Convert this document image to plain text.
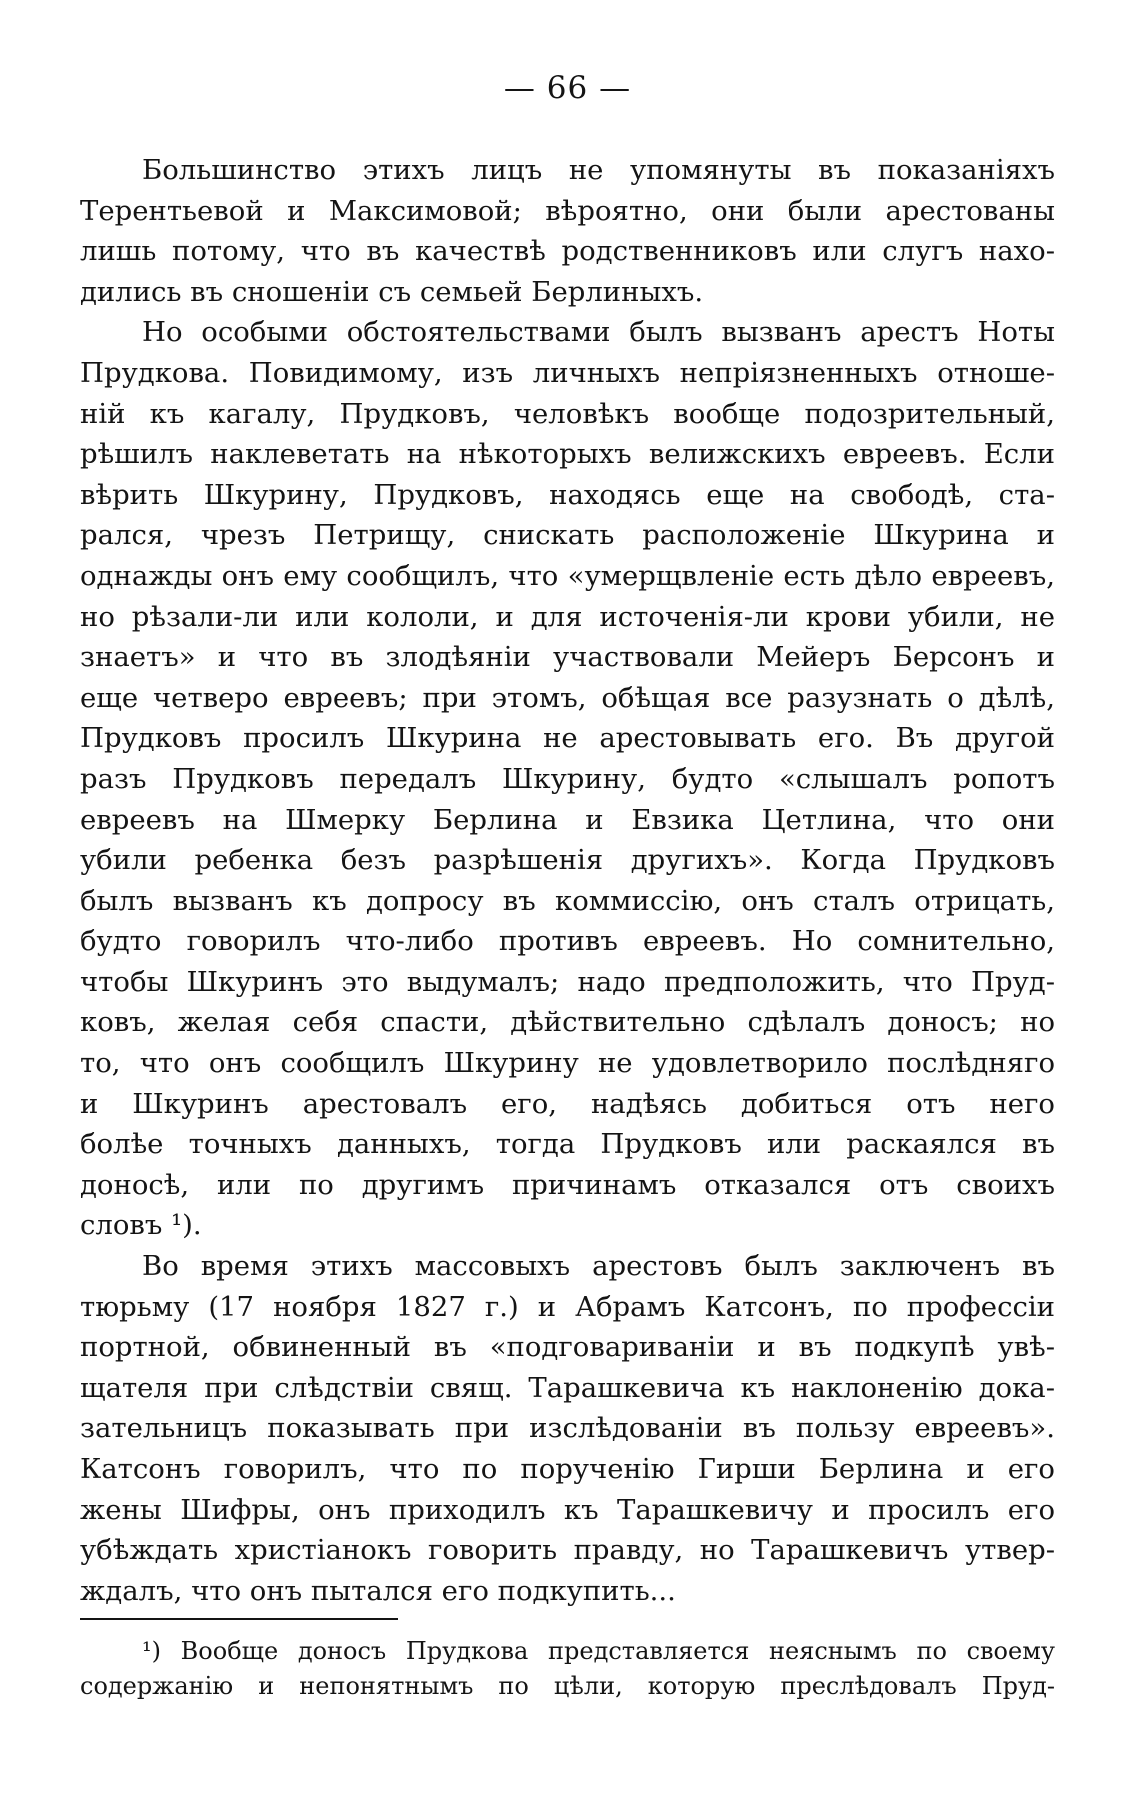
— 66 —
Большинство этихъ лицъ не упомянуты въ показаніяхъ
Терентьевой и Максимовой; вѣроятно, они были арестованы
лишь потому, что въ качествѣ родственниковъ или слугъ нахо-
дились въ сношеніи съ семьей Берлиныхъ.
Но особыми обстоятельствами былъ вызванъ арестъ Ноты
Прудкова. Повидимому, изъ личныхъ непріязненныхъ отноше-
ній къ кагалу, Прудковъ, человѣкъ вообще подозрительный,
рѣшилъ наклеветать на нѣкоторыхъ велижскихъ евреевъ. Если
вѣрить Шкурину, Прудковъ, находясь еще на свободѣ, ста-
рался, чрезъ Петрищу, снискать расположеніе Шкурина и
однажды онъ ему сообщилъ, что «умерщвленіе есть дѣло евреевъ,
но рѣзали-ли или кололи, и для источенія-ли крови убили, не
знаетъ» и что въ злодѣяніи участвовали Мейеръ Берсонъ и
еще четверо евреевъ; при этомъ, обѣщая все разузнать о дѣлѣ,
Прудковъ просилъ Шкурина не арестовывать его. Въ другой
разъ Прудковъ передалъ Шкурину, будто «слышалъ ропотъ
евреевъ на Шмерку Берлина и Евзика Цетлина, что они
убили ребенка безъ разрѣшенія другихъ». Когда Прудковъ
былъ вызванъ къ допросу въ коммиссію, онъ сталъ отрицать,
будто говорилъ что-либо противъ евреевъ. Но сомнительно,
чтобы Шкуринъ это выдумалъ; надо предположить, что Пруд-
ковъ, желая себя спасти, дѣйствительно сдѣлалъ доносъ; но
то, что онъ сообщилъ Шкурину не удовлетворило послѣдняго
и Шкуринъ арестовалъ его, надѣясь добиться отъ него
болѣе точныхъ данныхъ, тогда Прудковъ или раскаялся въ
доносѣ, или по другимъ причинамъ отказался отъ своихъ
словъ ¹).
Во время этихъ массовыхъ арестовъ былъ заключенъ въ
тюрьму (17 ноября 1827 г.) и Абрамъ Катсонъ, по профессіи
портной, обвиненный въ «подговариваніи и въ подкупѣ увѣ-
щателя при слѣдствіи свящ. Тарашкевича къ наклоненію дока-
зательницъ показывать при изслѣдованіи въ пользу евреевъ».
Катсонъ говорилъ, что по порученію Гирши Берлина и его
жены Шифры, онъ приходилъ къ Тарашкевичу и просилъ его
убѣждать христіанокъ говорить правду, но Тарашкевичъ утвер-
ждалъ, что онъ пытался его подкупить...
¹) Вообще доносъ Прудкова представляется неяснымъ по своему
содержанію и непонятнымъ по цѣли, которую преслѣдовалъ Пруд-
